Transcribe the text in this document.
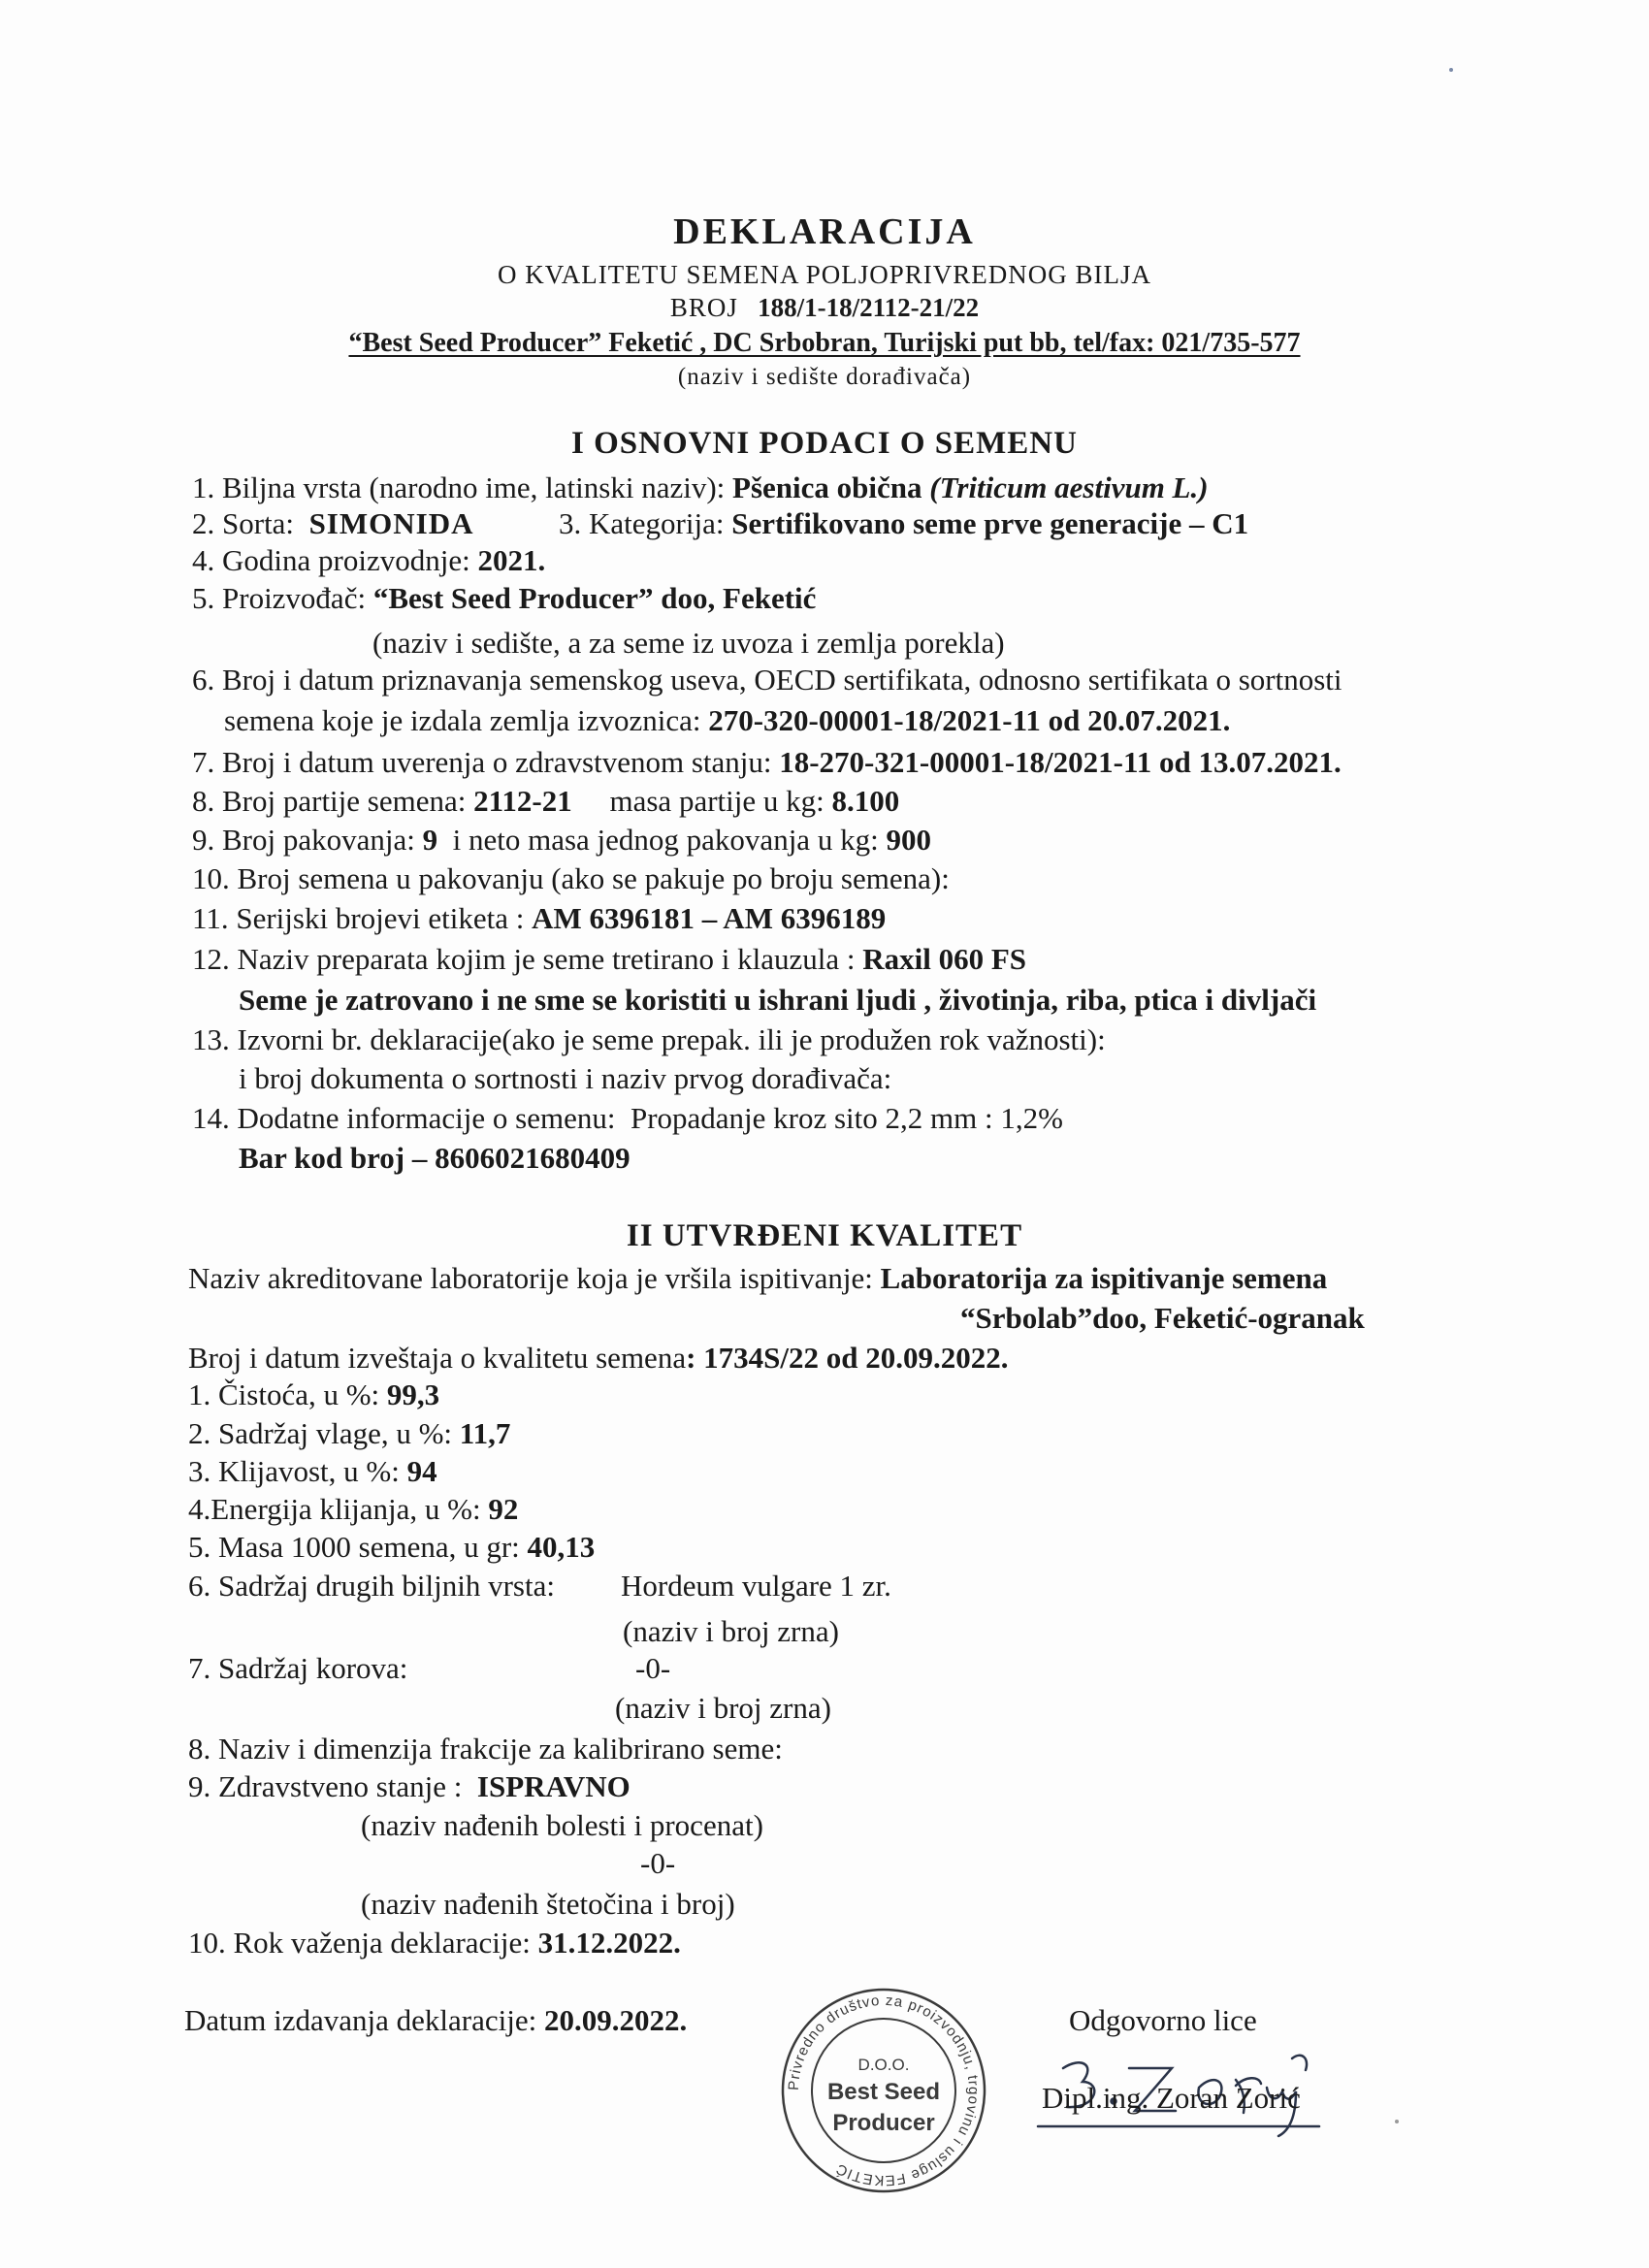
DEKLARACIJA
O KVALITETU SEMENA POLJOPRIVREDNOG BILJA
BROJ 188/1-18/2112-21/22
“Best Seed Producer” Feketić , DC Srbobran, Turijski put bb, tel/fax: 021/735-577
(naziv i sedište dorađivača)
I OSNOVNI PODACI O SEMENU
1. Biljna vrsta (narodno ime, latinski naziv): Pšenica obična (Triticum aestivum L.)
2. Sorta: SIMONIDA	3. Kategorija: Sertifikovano seme prve generacije – C1
4. Godina proizvodnje: 2021.
5. Proizvođač: “Best Seed Producer” doo, Feketić
(naziv i sedište, a za seme iz uvoza i zemlja porekla)
6. Broj i datum priznavanja semenskog useva, OECD sertifikata, odnosno sertifikata o sortnosti
semena koje je izdala zemlja izvoznica: 270-320-00001-18/2021-11 od 20.07.2021.
7. Broj i datum uverenja o zdravstvenom stanju: 18-270-321-00001-18/2021-11 od 13.07.2021.
8. Broj partije semena: 2112-21 masa partije u kg: 8.100
9. Broj pakovanja: 9 i neto masa jednog pakovanja u kg: 900
10. Broj semena u pakovanju (ako se pakuje po broju semena):
11. Serijski brojevi etiketa : AM 6396181 – AM 6396189
12. Naziv preparata kojim je seme tretirano i klauzula : Raxil 060 FS
Seme je zatrovano i ne sme se koristiti u ishrani ljudi , životinja, riba, ptica i divljači
13. Izvorni br. deklaracije(ako je seme prepak. ili je produžen rok važnosti):
i broj dokumenta o sortnosti i naziv prvog dorađivača:
14. Dodatne informacije o semenu: Propadanje kroz sito 2,2 mm : 1,2%
Bar kod broj – 8606021680409
II UTVRĐENI KVALITET
Naziv akreditovane laboratorije koja je vršila ispitivanje: Laboratorija za ispitivanje semena
“Srbolab”doo, Feketić-ogranak
Broj i datum izveštaja o kvalitetu semena: 1734S/22 od 20.09.2022.
1. Čistoća, u %: 99,3
2. Sadržaj vlage, u %: 11,7
3. Klijavost, u %: 94
4.Energija klijanja, u %: 92
5. Masa 1000 semena, u gr: 40,13
6. Sadržaj drugih biljnih vrsta: Hordeum vulgare 1 zr.
(naziv i broj zrna)
7. Sadržaj korova:	-0-
(naziv i broj zrna)
8. Naziv i dimenzija frakcije za kalibrirano seme:
9. Zdravstveno stanje : ISPRAVNO
(naziv nađenih bolesti i procenat)
-0-
(naziv nađenih štetočina i broj)
10. Rok važenja deklaracije: 31.12.2022.
Datum izdavanja deklaracije: 20.09.2022.	Odgovorno lice
Dipl.ing. Zoran Zorić
Privredno društvo za proizvodnju, trgovinu i usluge FEKETIĆ
D.O.O.
Best Seed
Producer
